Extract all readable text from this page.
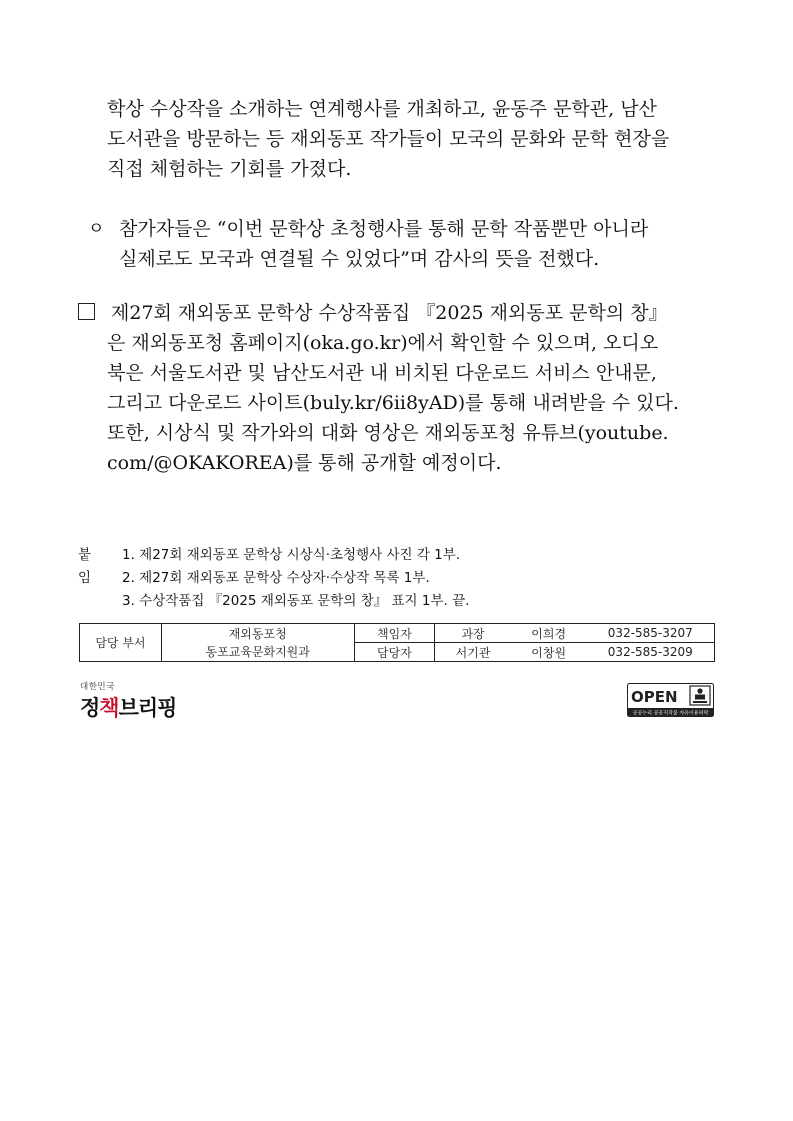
학상 수상작을 소개하는 연계행사를 개최하고, 윤동주 문학관, 남산
도서관을 방문하는 등 재외동포 작가들이 모국의 문화와 문학 현장을
직접 체험하는 기회를 가졌다.
ㅇ 참가자들은 “이번 문학상 초청행사를 통해 문학 작품뿐만 아니라
실제로도 모국과 연결될 수 있었다”며 감사의 뜻을 전했다.
제27회 재외동포 문학상 수상작품집 『2025 재외동포 문학의 창』
은 재외동포청 홈페이지(oka.go.kr)에서 확인할 수 있으며, 오디오
북은 서울도서관 및 남산도서관 내 비치된 다운로드 서비스 안내문,
그리고 다운로드 사이트(buly.kr/6ii8yAD)를 통해 내려받을 수 있다.
또한, 시상식 및 작가와의 대화 영상은 재외동포청 유튜브(youtube.
com/@OKAKOREA)를 통해 공개할 예정이다.
붙임
1. 제27회 재외동포 문학상 시상식·초청행사 사진 각 1부.
2. 제27회 재외동포 문학상 수상자·수상작 목록 1부.
3. 수상작품집 『2025 재외동포 문학의 창』 표지 1부. 끝.
담당 부서	재외동포청	책임자	과장	이희경	032-585-3207
	동포교육문화지원과	담당자	서기관	이창원	032-585-3209
대한민국
정책브리핑	OPEN
공공누리 공공저작물 자유이용허락
